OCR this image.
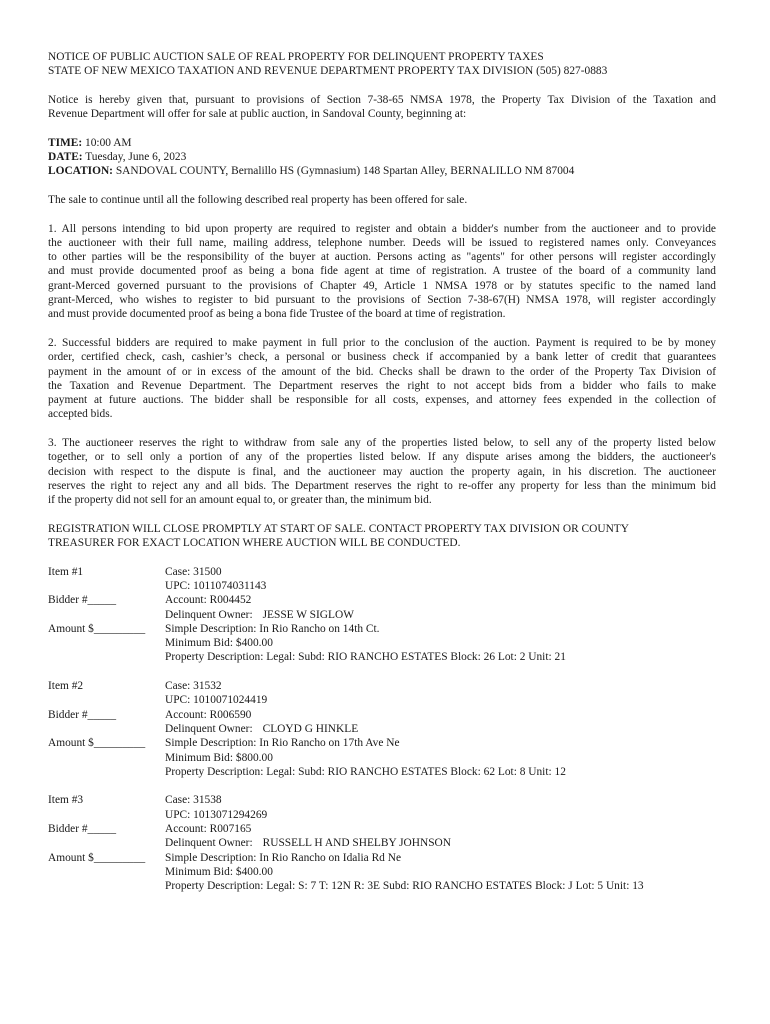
NOTICE OF PUBLIC AUCTION SALE OF REAL PROPERTY FOR DELINQUENT PROPERTY TAXES
STATE OF NEW MEXICO TAXATION AND REVENUE DEPARTMENT PROPERTY TAX DIVISION (505) 827-0883
Notice is hereby given that, pursuant to provisions of Section 7-38-65 NMSA 1978, the Property Tax Division of the Taxation and
Revenue Department will offer for sale at public auction, in Sandoval County, beginning at:
TIME: 10:00 AM
DATE: Tuesday, June 6, 2023
LOCATION: SANDOVAL COUNTY, Bernalillo HS (Gymnasium) 148 Spartan Alley, BERNALILLO NM 87004
The sale to continue until all the following described real property has been offered for sale.
1. All persons intending to bid upon property are required to register and obtain a bidder's number from the auctioneer and to provide
the auctioneer with their full name, mailing address, telephone number. Deeds will be issued to registered names only. Conveyances
to other parties will be the responsibility of the buyer at auction. Persons acting as "agents" for other persons will register accordingly
and must provide documented proof as being a bona fide agent at time of registration. A trustee of the board of a community land
grant-Merced governed pursuant to the provisions of Chapter 49, Article 1 NMSA 1978 or by statutes specific to the named land
grant-Merced, who wishes to register to bid pursuant to the provisions of Section 7-38-67(H) NMSA 1978, will register accordingly
and must provide documented proof as being a bona fide Trustee of the board at time of registration.
2. Successful bidders are required to make payment in full prior to the conclusion of the auction. Payment is required to be by money
order, certified check, cash, cashier’s check, a personal or business check if accompanied by a bank letter of credit that guarantees
payment in the amount of or in excess of the amount of the bid. Checks shall be drawn to the order of the Property Tax Division of
the Taxation and Revenue Department. The Department reserves the right to not accept bids from a bidder who fails to make
payment at future auctions. The bidder shall be responsible for all costs, expenses, and attorney fees expended in the collection of
accepted bids.
3. The auctioneer reserves the right to withdraw from sale any of the properties listed below, to sell any of the property listed below
together, or to sell only a portion of any of the properties listed below. If any dispute arises among the bidders, the auctioneer's
decision with respect to the dispute is final, and the auctioneer may auction the property again, in his discretion. The auctioneer
reserves the right to reject any and all bids. The Department reserves the right to re-offer any property for less than the minimum bid
if the property did not sell for an amount equal to, or greater than, the minimum bid.
REGISTRATION WILL CLOSE PROMPTLY AT START OF SALE. CONTACT PROPERTY TAX DIVISION OR COUNTY
TREASURER FOR EXACT LOCATION WHERE AUCTION WILL BE CONDUCTED.
Item #1
Bidder #_____
Amount $_________
Case: 31500
UPC: 1011074031143
Account: R004452
Delinquent Owner: JESSE W SIGLOW
Simple Description: In Rio Rancho on 14th Ct.
Minimum Bid: $400.00
Property Description: Legal: Subd: RIO RANCHO ESTATES Block: 26 Lot: 2 Unit: 21
Item #2
Bidder #_____
Amount $_________
Case: 31532
UPC: 1010071024419
Account: R006590
Delinquent Owner: CLOYD G HINKLE
Simple Description: In Rio Rancho on 17th Ave Ne
Minimum Bid: $800.00
Property Description: Legal: Subd: RIO RANCHO ESTATES Block: 62 Lot: 8 Unit: 12
Item #3
Bidder #_____
Amount $_________
Case: 31538
UPC: 1013071294269
Account: R007165
Delinquent Owner: RUSSELL H AND SHELBY JOHNSON
Simple Description: In Rio Rancho on Idalia Rd Ne
Minimum Bid: $400.00
Property Description: Legal: S: 7 T: 12N R: 3E Subd: RIO RANCHO ESTATES Block: J Lot: 5 Unit: 13
